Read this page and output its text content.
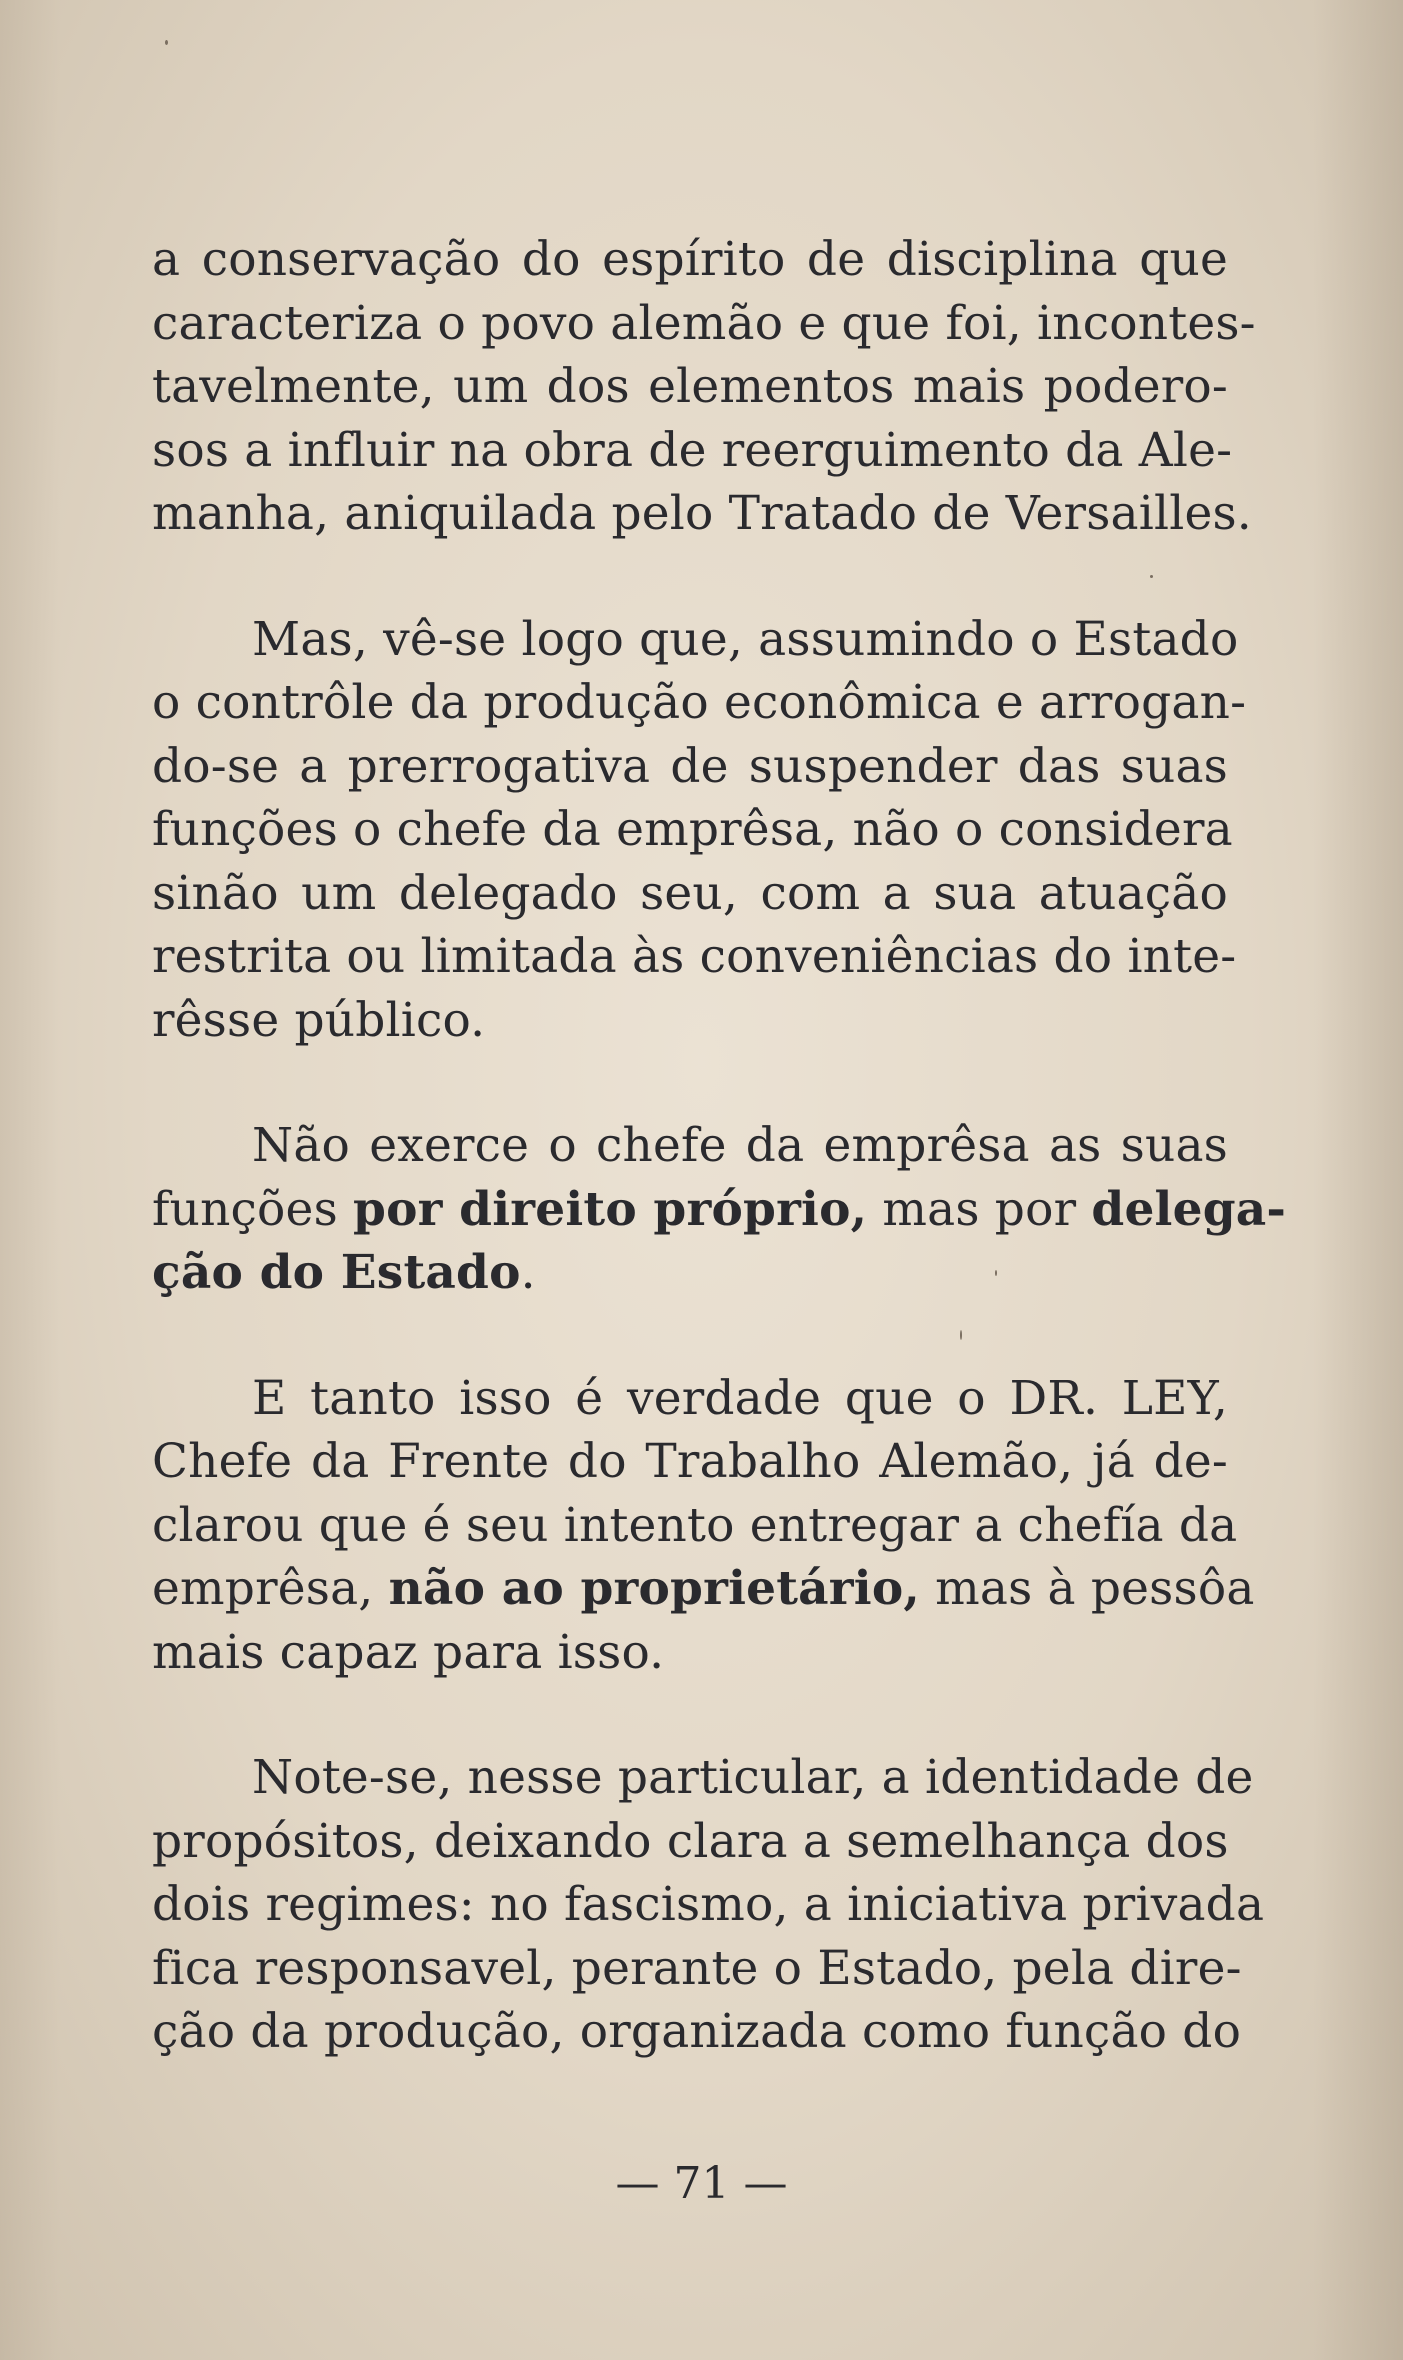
a conservação do espírito de disciplina que
caracteriza o povo alemão e que foi, incontes-
tavelmente, um dos elementos mais podero-
sos a influir na obra de reerguimento da Ale-
manha, aniquilada pelo Tratado de Versailles.
Mas, vê-se logo que, assumindo o Estado
o contrôle da produção econômica e arrogan-
do-se a prerrogativa de suspender das suas
funções o chefe da emprêsa, não o considera
sinão um delegado seu, com a sua atuação
restrita ou limitada às conveniências do inte-
rêsse público.
Não exerce o chefe da emprêsa as suas
funções por direito próprio, mas por delega-
ção do Estado.
E tanto isso é verdade que o DR. LEY,
Chefe da Frente do Trabalho Alemão, já de-
clarou que é seu intento entregar a chefía da
emprêsa, não ao proprietário, mas à pessôa
mais capaz para isso.
Note-se, nesse particular, a identidade de
propósitos, deixando clara a semelhança dos
dois regimes: no fascismo, a iniciativa privada
fica responsavel, perante o Estado, pela dire-
ção da produção, organizada como função do
— 71 —
